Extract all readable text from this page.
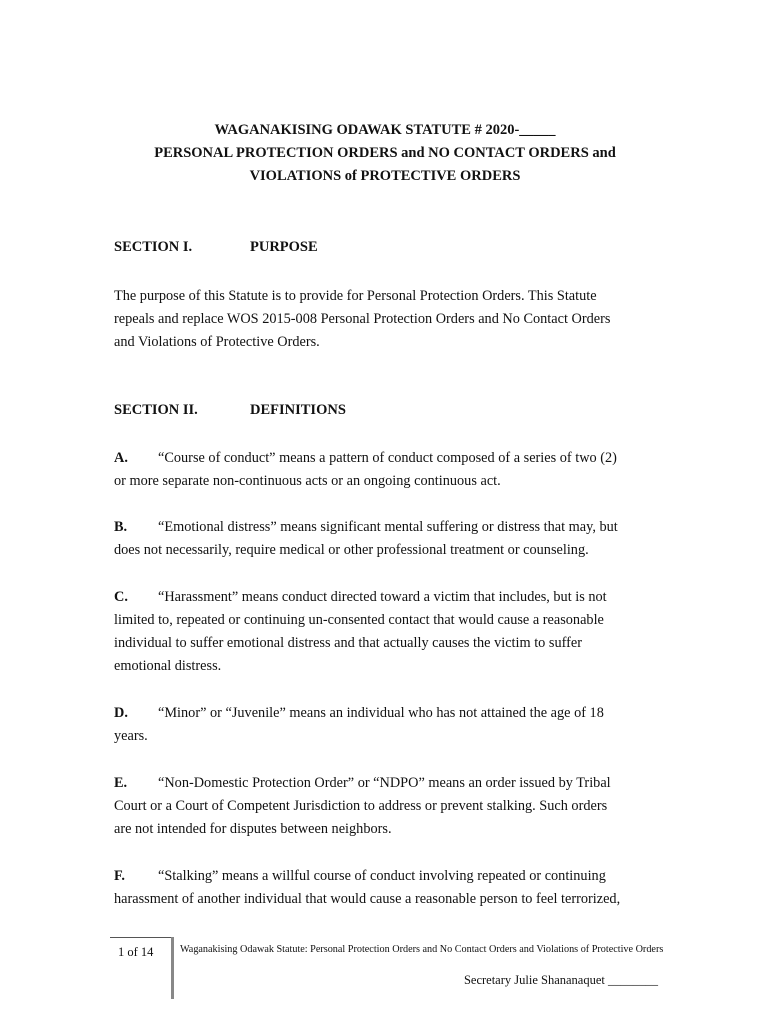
WAGANAKISING ODAWAK STATUTE # 2020-_____
PERSONAL PROTECTION ORDERS and NO CONTACT ORDERS and
VIOLATIONS of PROTECTIVE ORDERS
SECTION I.	PURPOSE
The purpose of this Statute is to provide for Personal Protection Orders. This Statute
repeals and replace WOS 2015-008 Personal Protection Orders and No Contact Orders
and Violations of Protective Orders.
SECTION II.	DEFINITIONS
A. “Course of conduct” means a pattern of conduct composed of a series of two (2)
or more separate non-continuous acts or an ongoing continuous act.
B. “Emotional distress” means significant mental suffering or distress that may, but
does not necessarily, require medical or other professional treatment or counseling.
C. “Harassment” means conduct directed toward a victim that includes, but is not
limited to, repeated or continuing un-consented contact that would cause a reasonable
individual to suffer emotional distress and that actually causes the victim to suffer
emotional distress.
D. “Minor” or “Juvenile” means an individual who has not attained the age of 18
years.
E. “Non-Domestic Protection Order” or “NDPO” means an order issued by Tribal
Court or a Court of Competent Jurisdiction to address or prevent stalking. Such orders
are not intended for disputes between neighbors.
F. “Stalking” means a willful course of conduct involving repeated or continuing
harassment of another individual that would cause a reasonable person to feel terrorized,
1 of 14	Waganakising Odawak Statute: Personal Protection Orders and No Contact Orders and Violations of Protective Orders
Secretary Julie Shananaquet ________
